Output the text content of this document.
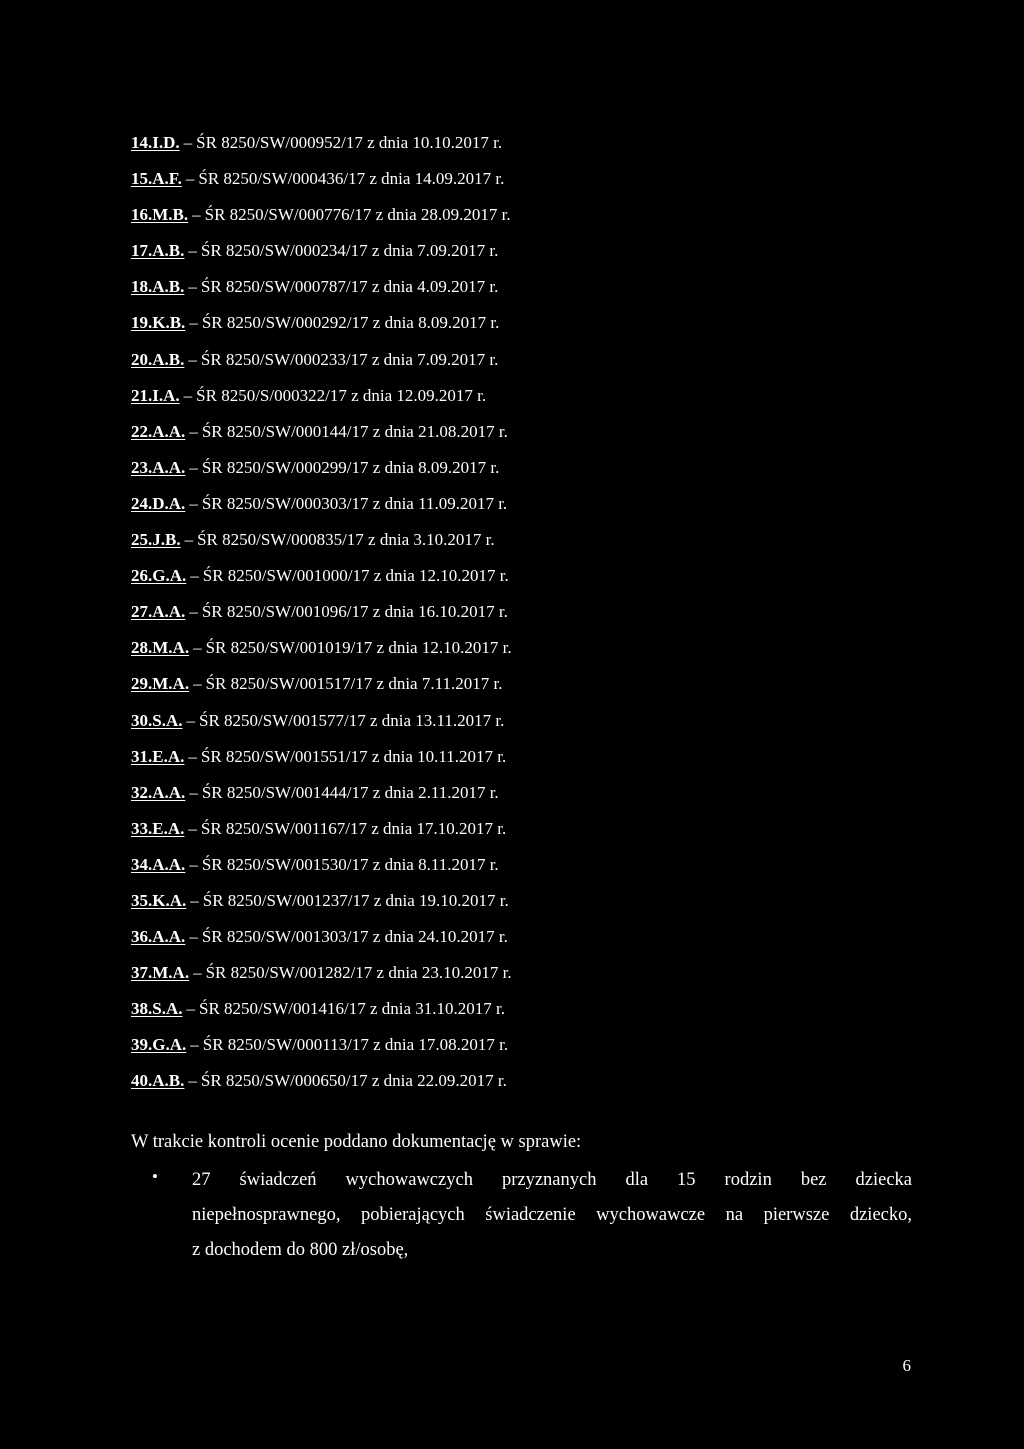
14.I.D. – ŚR 8250/SW/000952/17 z dnia 10.10.2017 r.
15.A.F. – ŚR 8250/SW/000436/17 z dnia 14.09.2017 r.
16.M.B. – ŚR 8250/SW/000776/17 z dnia 28.09.2017 r.
17.A.B. – ŚR 8250/SW/000234/17 z dnia 7.09.2017 r.
18.A.B. – ŚR 8250/SW/000787/17 z dnia 4.09.2017 r.
19.K.B. – ŚR 8250/SW/000292/17 z dnia 8.09.2017 r.
20.A.B. – ŚR 8250/SW/000233/17 z dnia 7.09.2017 r.
21.I.A. – ŚR 8250/S/000322/17 z dnia 12.09.2017 r.
22.A.A. – ŚR 8250/SW/000144/17 z dnia 21.08.2017 r.
23.A.A. – ŚR 8250/SW/000299/17 z dnia 8.09.2017 r.
24.D.A. – ŚR 8250/SW/000303/17 z dnia 11.09.2017 r.
25.J.B. – ŚR 8250/SW/000835/17 z dnia 3.10.2017 r.
26.G.A. – ŚR 8250/SW/001000/17 z dnia 12.10.2017 r.
27.A.A. – ŚR 8250/SW/001096/17 z dnia 16.10.2017 r.
28.M.A. – ŚR 8250/SW/001019/17 z dnia 12.10.2017 r.
29.M.A. – ŚR 8250/SW/001517/17 z dnia 7.11.2017 r.
30.S.A. – ŚR 8250/SW/001577/17 z dnia 13.11.2017 r.
31.E.A. – ŚR 8250/SW/001551/17 z dnia 10.11.2017 r.
32.A.A. – ŚR 8250/SW/001444/17 z dnia 2.11.2017 r.
33.E.A. – ŚR 8250/SW/001167/17 z dnia 17.10.2017 r.
34.A.A. – ŚR 8250/SW/001530/17 z dnia 8.11.2017 r.
35.K.A. – ŚR 8250/SW/001237/17 z dnia 19.10.2017 r.
36.A.A. – ŚR 8250/SW/001303/17 z dnia 24.10.2017 r.
37.M.A. – ŚR 8250/SW/001282/17 z dnia 23.10.2017 r.
38.S.A. – ŚR 8250/SW/001416/17 z dnia 31.10.2017 r.
39.G.A. – ŚR 8250/SW/000113/17 z dnia 17.08.2017 r.
40.A.B. – ŚR 8250/SW/000650/17 z dnia 22.09.2017 r.
W trakcie kontroli ocenie poddano dokumentację w sprawie:
• 27 świadczeń wychowawczych przyznanych dla 15 rodzin bez dziecka
niepełnosprawnego, pobierających świadczenie wychowawcze na pierwsze dziecko,
z dochodem do 800 zł/osobę,
6
